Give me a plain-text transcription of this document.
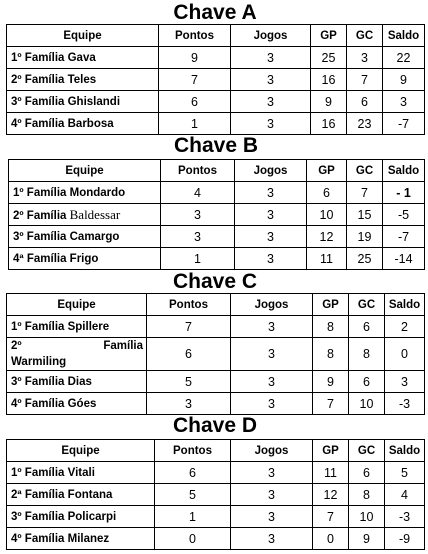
Chave A
Equipe	Pontos	Jogos	GP	GC	Saldo
1º Família Gava	9	3	25	3	22
2º Família Teles	7	3	16	7	9
3º Família Ghislandi	6	3	9	6	3
4º Família Barbosa	1	3	16	23	-7
Chave B
Equipe	Pontos	Jogos	GP	GC	Saldo
1º Família Mondardo	4	3	6	7	- 1
2º Família Baldessar	3	3	10	15	-5
3º Família Camargo	3	3	12	19	-7
4ª Família Frigo	1	3	11	25	-14
Chave C
Equipe	Pontos	Jogos	GP	GC	Saldo
1º Família Spillere	7	3	8	6	2

2º Família
Warmiling	6	3	8	8	0
3º Família Dias	5	3	9	6	3
4º Família Góes	3	3	7	10	-3
Chave D
Equipe	Pontos	Jogos	GP	GC	Saldo
1º Família Vitali	6	3	11	6	5
2ª Família Fontana	5	3	12	8	4
3º Família Policarpi	1	3	7	10	-3
4º Família Milanez	0	3	0	9	-9
